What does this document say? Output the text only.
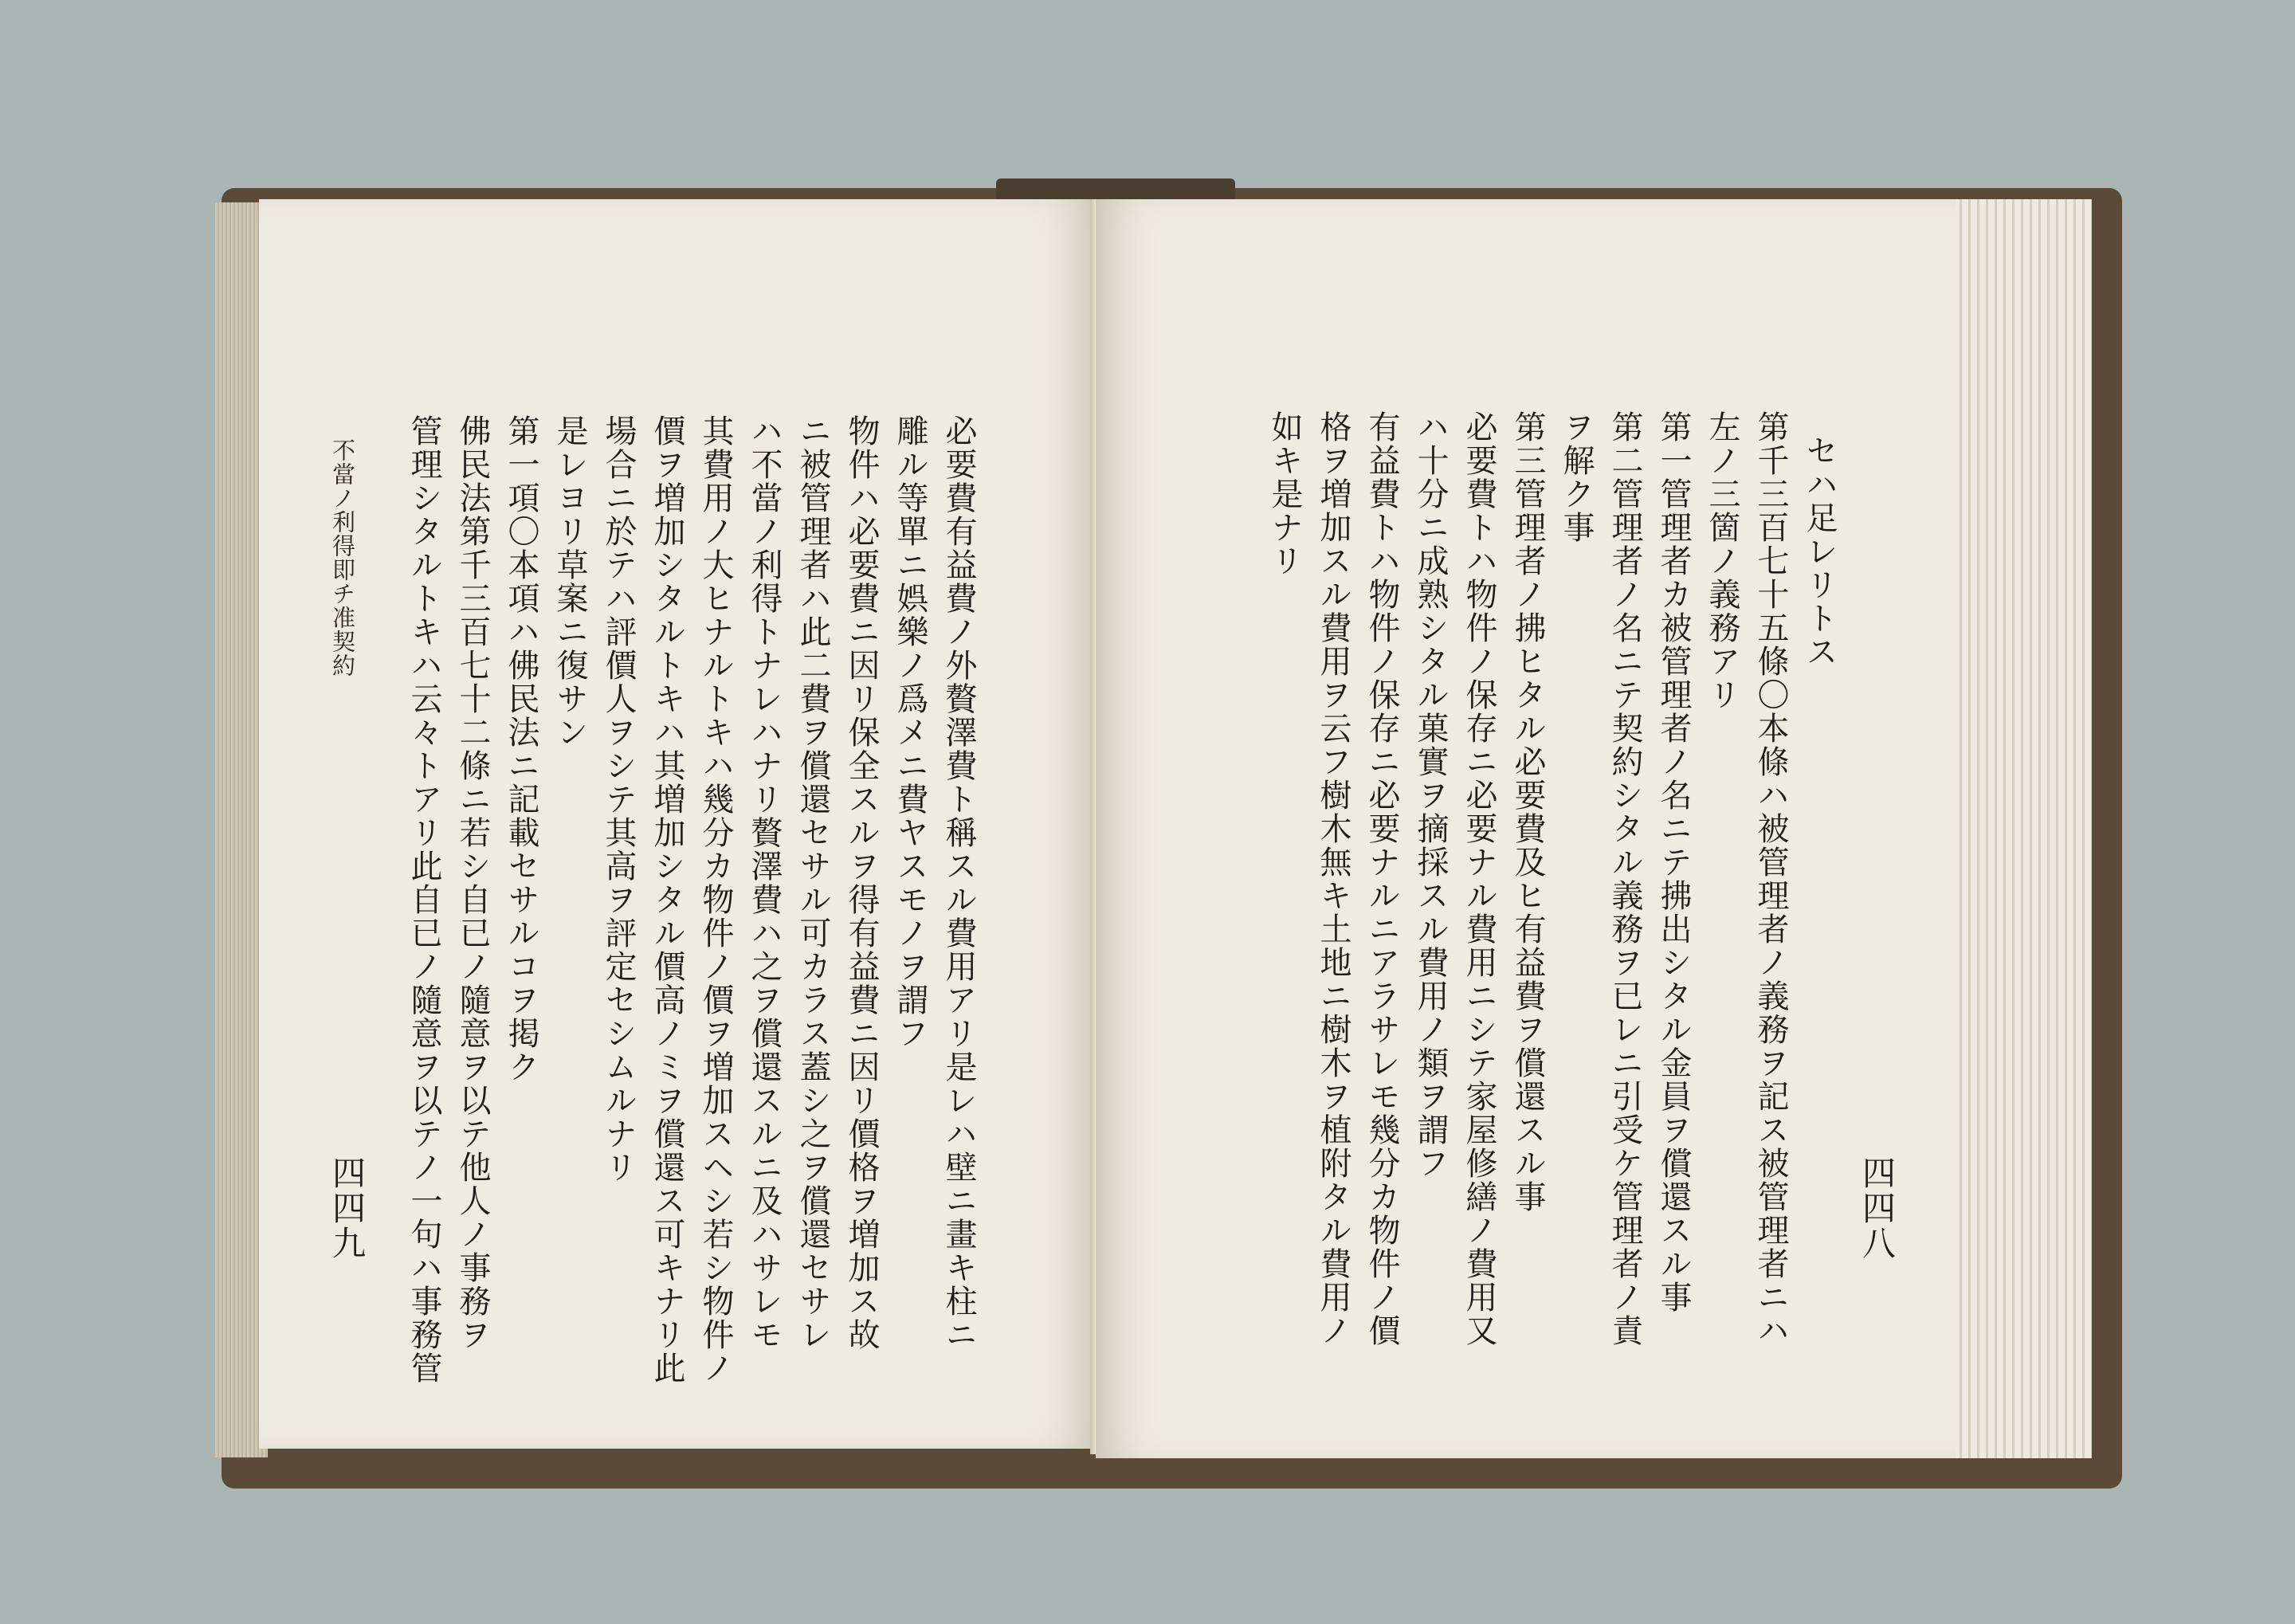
不當ノ利得即チ准契約
四四九	必要費有益費ノ外贅澤費ト稱スル費用アリ是レハ壁ニ畫キ柱ニ
雕ル等單ニ娯樂ノ爲メニ費ヤスモノヲ謂フ
物件ハ必要費ニ因リ保全スルヲ得有益費ニ因リ價格ヲ増加ス故
ニ被管理者ハ此二費ヲ償還セサル可カラス蓋シ之ヲ償還セサレ
ハ不當ノ利得トナレハナリ贅澤費ハ之ヲ償還スルニ及ハサレモ
其費用ノ大ヒナルトキハ幾分カ物件ノ價ヲ増加スヘシ若シ物件ノ
價ヲ増加シタルトキハ其増加シタル價高ノミヲ償還ス可キナリ此
場合ニ於テハ評價人ヲシテ其高ヲ評定セシムルナリ
是レヨリ草案ニ復サン
第一項〇本項ハ佛民法ニ記載セサルコヲ掲ク
佛民法第千三百七十二條ニ若シ自已ノ隨意ヲ以テ他人ノ事務ヲ
管理シタルトキハ云々トアリ此自已ノ隨意ヲ以テノ一句ハ事務管	四四八
セハ足レリトス
第千三百七十五條〇本條ハ被管理者ノ義務ヲ記ス被管理者ニハ
左ノ三箇ノ義務アリ
第一管理者カ被管理者ノ名ニテ拂出シタル金員ヲ償還スル事
第二管理者ノ名ニテ契約シタル義務ヲ已レニ引受ケ管理者ノ責
ヲ解ク事
第三管理者ノ拂ヒタル必要費及ヒ有益費ヲ償還スル事
必要費トハ物件ノ保存ニ必要ナル費用ニシテ家屋修繕ノ費用又
ハ十分ニ成熟シタル菓實ヲ摘採スル費用ノ類ヲ謂フ
有益費トハ物件ノ保存ニ必要ナルニアラサレモ幾分カ物件ノ價
格ヲ増加スル費用ヲ云フ樹木無キ土地ニ樹木ヲ植附タル費用ノ
如キ是ナリ
